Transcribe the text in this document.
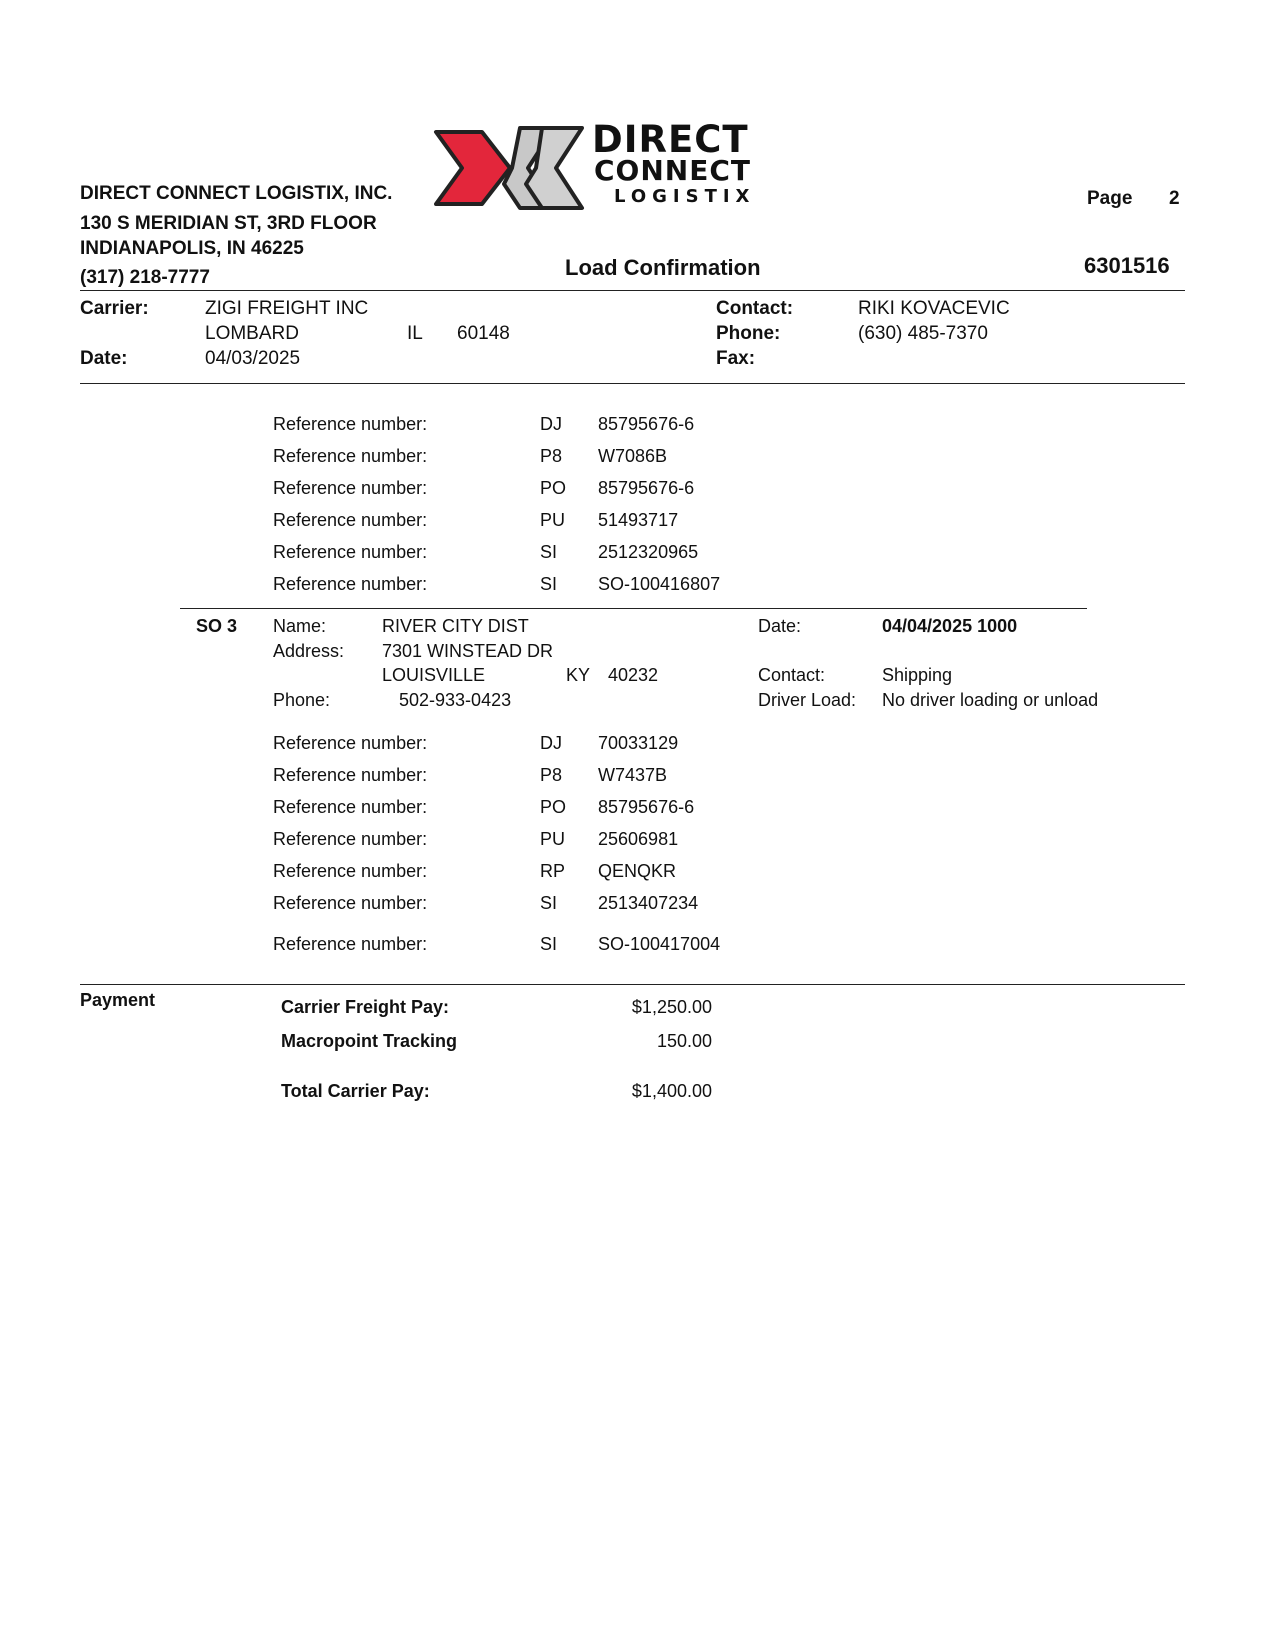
DIRECT CONNECT LOGISTIX, INC.
130 S MERIDIAN ST, 3RD FLOOR
INDIANAPOLIS, IN 46225
(317) 218-7777
DIRECT
CONNECT
LOGISTIX	Page 2
Load Confirmation	6301516
Carrier:	ZIGI FREIGHT INC
LOMBARD	IL 60148
Date:	04/03/2025
Contact:	RIKI KOVACEVIC
Phone:	(630) 485-7370
Fax:
Reference number:	DJ 85795676-6
Reference number:	P8 W7086B
Reference number:	PO 85795676-6
Reference number:	PU 51493717
Reference number:	SI 2512320965
Reference number:	SI SO-100416807
SO 3 Name:	RIVER CITY DIST
Address: 7301 WINSTEAD DR
LOUISVILLE	KY 40232
Phone:	502-933-0423
Date:	04/04/2025 1000
Contact:	Shipping
Driver Load: No driver loading or unload
Reference number:	DJ 70033129
Reference number:	P8 W7437B
Reference number:	PO 85795676-6
Reference number:	PU 25606981
Reference number:	RP QENQKR
Reference number:	SI 2513407234
Reference number:	SI SO-100417004
Payment	Carrier Freight Pay:	$1,250.00
Macropoint Tracking	150.00
Total Carrier Pay:	$1,400.00
